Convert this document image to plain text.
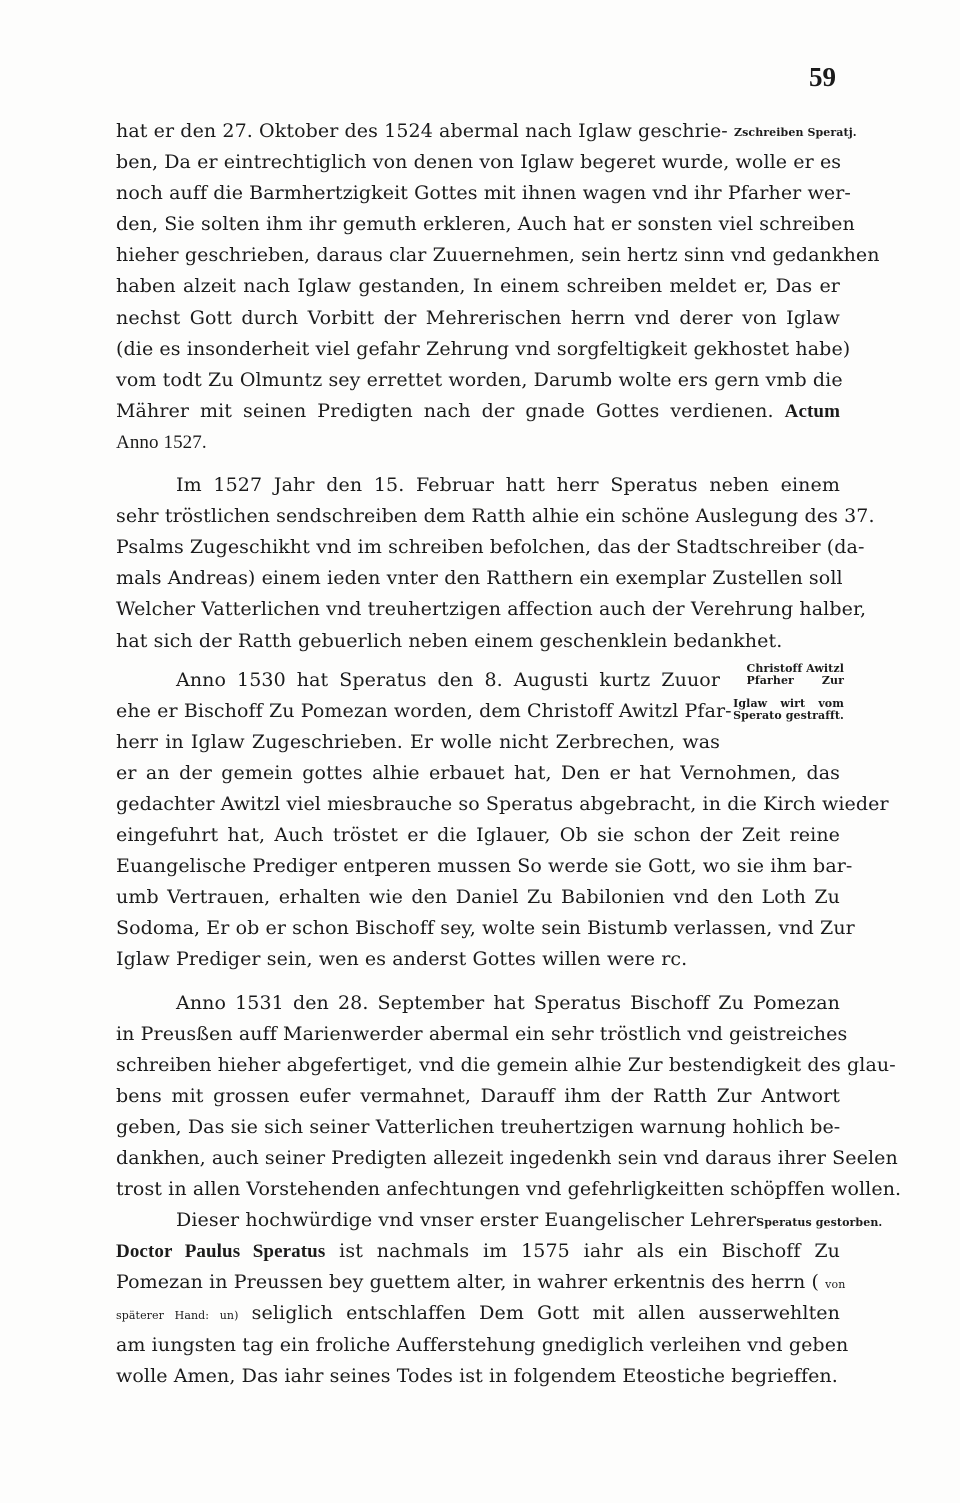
59
hat er den 27. Oktober des 1524 abermal nach Iglaw geschrie- Zschreiben Speratj.
ben, Da er eintrechtiglich von denen von Iglaw begeret wurde, wolle er es
noch auff die Barmhertzigkeit Gottes mit ihnen wagen vnd ihr Pfarher wer-
den, Sie solten ihm ihr gemuth erkleren, Auch hat er sonsten viel schreiben
hieher geschrieben, daraus clar Zuuernehmen, sein hertz sinn vnd gedankhen
haben alzeit nach Iglaw gestanden, In einem schreiben meldet er, Das er
nechst Gott durch Vorbitt der Mehrerischen herrn vnd derer von Iglaw
(die es insonderheit viel gefahr Zehrung vnd sorgfeltigkeit gekhostet habe)
vom todt Zu Olmuntz sey errettet worden, Darumb wolte ers gern vmb die
Mährer mit seinen Predigten nach der gnade Gottes verdienen. Actum
Anno 1527.
Im 1527 Jahr den 15. Februar hatt herr Speratus neben einem
sehr tröstlichen sendschreiben dem Ratth alhie ein schöne Auslegung des 37.
Psalms Zugeschikht vnd im schreiben befolchen, das der Stadtschreiber (da-
mals Andreas) einem ieden vnter den Ratthern ein exemplar Zustellen soll
Welcher Vatterlichen vnd treuhertzigen affection auch der Verehrung halber,
hat sich der Ratth gebuerlich neben einem geschenklein bedankhet.
Anno 1530 hat Speratus den 8. Augusti kurtz Zuuor
Christoff Awitzl
Pfarher Zur
ehe er Bischoff Zu Pomezan worden, dem Christoff Awitzl Pfar- Iglaw wirt vom
Sperato gestrafft.
herr in Iglaw Zugeschrieben. Er wolle nicht Zerbrechen, was
er an der gemein gottes alhie erbauet hat, Den er hat Vernohmen, das
gedachter Awitzl viel miesbrauche so Speratus abgebracht, in die Kirch wieder
eingefuhrt hat, Auch tröstet er die Iglauer, Ob sie schon der Zeit reine
Euangelische Prediger entperen mussen So werde sie Gott, wo sie ihm bar-
umb Vertrauen, erhalten wie den Daniel Zu Babilonien vnd den Loth Zu
Sodoma, Er ob er schon Bischoff sey, wolte sein Bistumb verlassen, vnd Zur
Iglaw Prediger sein, wen es anderst Gottes willen were rc.
Anno 1531 den 28. September hat Speratus Bischoff Zu Pomezan
in Preusßen auff Marienwerder abermal ein sehr tröstlich vnd geistreiches
schreiben hieher abgefertiget, vnd die gemein alhie Zur bestendigkeit des glau-
bens mit grossen eufer vermahnet, Darauff ihm der Ratth Zur Antwort
geben, Das sie sich seiner Vatterlichen treuhertzigen warnung hohlich be-
dankhen, auch seiner Predigten allezeit ingedenkh sein vnd daraus ihrer Seelen
trost in allen Vorstehenden anfechtungen vnd gefehrligkeitten schöpffen wollen.
Dieser hochwürdige vnd vnser erster Euangelischer LehrerSperatus gestorben.
Doctor Paulus Speratus ist nachmals im 1575 iahr als ein Bischoff Zu
Pomezan in Preussen bey guettem alter, in wahrer erkentnis des herrn ( von
späterer Hand: un) seliglich entschlaffen Dem Gott mit allen ausserwehlten
am iungsten tag ein froliche Aufferstehung gnediglich verleihen vnd geben
wolle Amen, Das iahr seines Todes ist in folgendem Eteostiche begrieffen.
